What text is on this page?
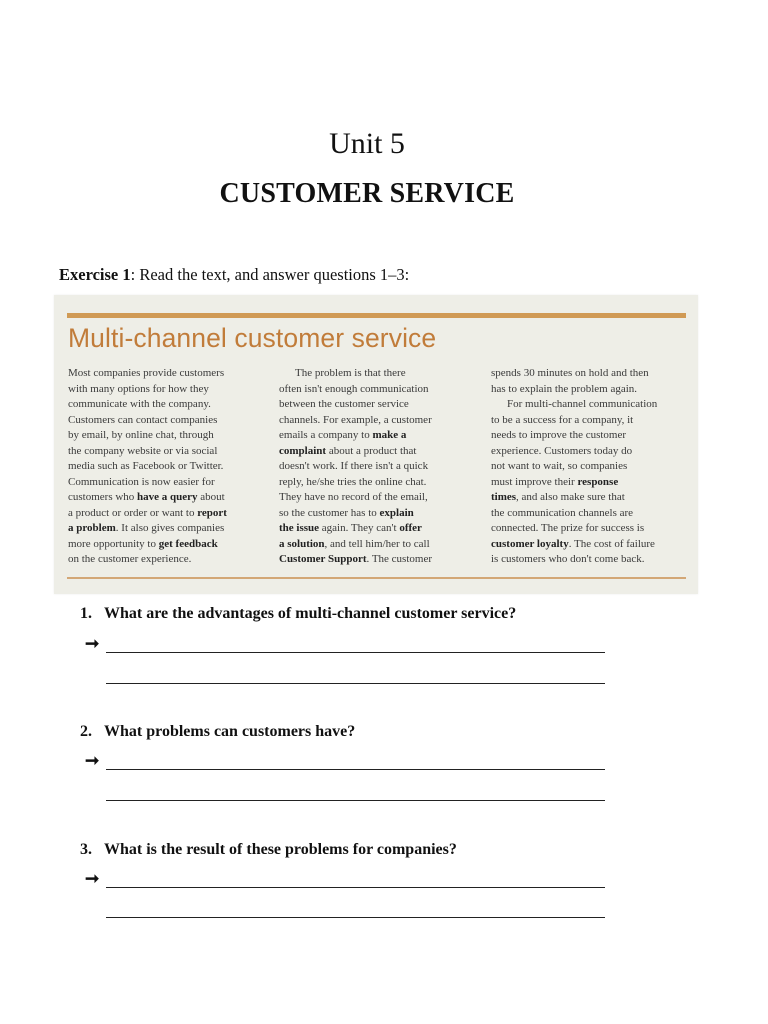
Unit 5
CUSTOMER SERVICE
Exercise 1: Read the text, and answer questions 1–3:
Multi-channel customer service
Most companies provide customers
with many options for how they
communicate with the company.
Customers can contact companies
by email, by online chat, through
the company website or via social
media such as Facebook or Twitter.
Communication is now easier for
customers who have a query about
a product or order or want to report
a problem. It also gives companies
more opportunity to get feedback
on the customer experience.
The problem is that there
often isn't enough communication
between the customer service
channels. For example, a customer
emails a company to make a
complaint about a product that
doesn't work. If there isn't a quick
reply, he/she tries the online chat.
They have no record of the email,
so the customer has to explain
the issue again. They can't offer
a solution, and tell him/her to call
Customer Support. The customer
spends 30 minutes on hold and then
has to explain the problem again.
For multi-channel communication
to be a success for a company, it
needs to improve the customer
experience. Customers today do
not want to wait, so companies
must improve their response
times, and also make sure that
the communication channels are
connected. The prize for success is
customer loyalty. The cost of failure
is customers who don't come back.
1. What are the advantages of multi-channel customer service?
➞
2. What problems can customers have?
➞
3. What is the result of these problems for companies?
➞
